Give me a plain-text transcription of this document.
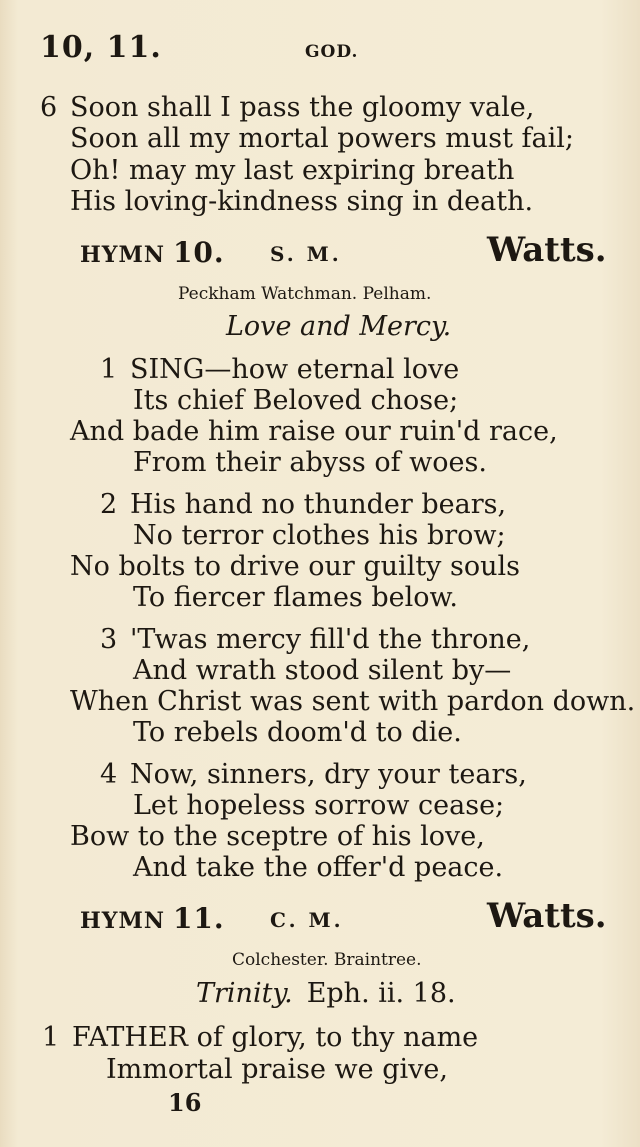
10, 11.	GOD.
6 Soon shall I pass the gloomy vale,
Soon all my mortal powers must fail;
Oh! may my last expiring breath
His loving-kindness sing in death.
HYMN 10. S. M.	Watts.
Peckham Watchman. Pelham.
Love and Mercy.
1 SING—how eternal love
Its chief Beloved chose;
And bade him raise our ruin'd race,
From their abyss of woes.
2 His hand no thunder bears,
No terror clothes his brow;
No bolts to drive our guilty souls
To fiercer flames below.
3 'Twas mercy fill'd the throne,
And wrath stood silent by—
When Christ was sent with pardon down.
To rebels doom'd to die.
4 Now, sinners, dry your tears,
Let hopeless sorrow cease;
Bow to the sceptre of his love,
And take the offer'd peace.
HYMN 11. C. M.	Watts.
Colchester. Braintree.
Trinity. Eph. ii. 18.
1 FATHER of glory, to thy name
Immortal praise we give,
16
